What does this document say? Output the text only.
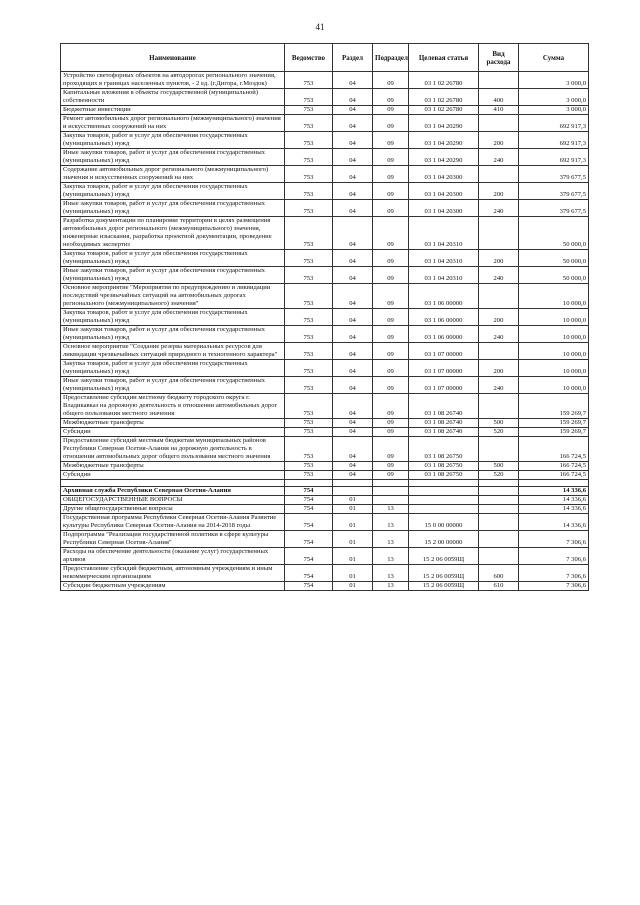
41
Наименование	Ведомство	Раздел	Подраздел	Целевая статья	Вид расхода	Сумма
Устройство светофорных объектов на автодорогах регионального значения, проходящих в границах населенных пунктов, - 2 ед. (г.Дигора, г.Моздок)	753	04	09	03 1 02 26780		3 000,0
Капитальные вложения в объекты государственной (муниципальной) собственности	753	04	09	03 1 02 26780	400	3 000,0
Бюджетные инвестиции	753	04	09	03 1 02 26780	410	3 000,0
Ремонт автомобильных дорог регионального (межмуниципального) значения и искусственных сооружений на них	753	04	09	03 1 04 20290		692 917,3
Закупка товаров, работ и услуг для обеспечения государственных (муниципальных) нужд	753	04	09	03 1 04 20290	200	692 917,3
Иные закупки товаров, работ и услуг для обеспечения государственных (муниципальных) нужд	753	04	09	03 1 04 20290	240	692 917,3
Содержание автомобильных дорог регионального (межмуниципального) значения и искусственных сооружений на них	753	04	09	03 1 04 20300		379 677,5
Закупка товаров, работ и услуг для обеспечения государственных (муниципальных) нужд	753	04	09	03 1 04 20300	200	379 677,5
Иные закупки товаров, работ и услуг для обеспечения государственных (муниципальных) нужд	753	04	09	03 1 04 20300	240	379 677,5
Разработка документации по планировке территории в целях размещения автомобильных дорог регионального (межмуниципального) значения, инженерные изыскания, разработка проектной документации, проведение необходимых экспертиз	753	04	09	03 1 04 20310		50 000,0
Закупка товаров, работ и услуг для обеспечения государственных (муниципальных) нужд	753	04	09	03 1 04 20310	200	50 000,0
Иные закупки товаров, работ и услуг для обеспечения государственных (муниципальных) нужд	753	04	09	03 1 04 20310	240	50 000,0
Основное мероприятие "Мероприятия по предупреждению и ликвидации последствий чрезвычайных ситуаций на автомобильных дорогах регионального (межмуниципального) значения"	753	04	09	03 1 06 00000		10 000,0
Закупка товаров, работ и услуг для обеспечения государственных (муниципальных) нужд	753	04	09	03 1 06 00000	200	10 000,0
Иные закупки товаров, работ и услуг для обеспечения государственных (муниципальных) нужд	753	04	09	03 1 06 00000	240	10 000,0
Основное мероприятие "Создание резерва материальных ресурсов для ликвидации чрезвычайных ситуаций природного и техногенного характера"	753	04	09	03 1 07 00000		10 000,0
Закупка товаров, работ и услуг для обеспечения государственных (муниципальных) нужд	753	04	09	03 1 07 00000	200	10 000,0
Иные закупки товаров, работ и услуг для обеспечения государственных (муниципальных) нужд	753	04	09	03 1 07 00000	240	10 000,0
Предоставление субсидии местному бюджету городского округа г. Владикавказ на дорожную деятельность в отношении автомобильных дорог общего пользования местного значения	753	04	09	03 1 08 26740		159 269,7
Межбюджетные трансферты	753	04	09	03 1 08 26740	500	159 269,7
Субсидии	753	04	09	03 1 08 26740	520	159 269,7
Предоставление субсидий местным бюджетам муниципальных районов Республики Северная Осетия-Алания на дорожную деятельность в отношении автомобильных дорог общего пользования местного значения	753	04	09	03 1 08 26750		166 724,5
Межбюджетные трансферты	753	04	09	03 1 08 26750	500	166 724,5
Субсидии	753	04	09	03 1 08 26750	520	166 724,5

Архивная служба Республики Северная Осетия-Алания	754					14 336,6
ОБЩЕГОСУДАРСТВЕННЫЕ ВОПРОСЫ	754	01				14 336,6
Другие общегосударственные вопросы	754	01	13			14 336,6
Государственная программа Республики Северная Осетия-Алания Развитие культуры Республики Северная Осетия-Алания на 2014-2018 годы	754	01	13	15 0 00 00000		14 336,6
Подпрограмма "Реализация государственной политики в сфере культуры Республики Северная Осетия-Алания"	754	01	13	15 2 00 00000		7 306,6
Расходы на обеспечение деятельности (оказание услуг) государственных архивов	754	01	13	15 2 06 0059Щ		7 306,6
Предоставление субсидий бюджетным, автономным учреждениям и иным некоммерческим организациям	754	01	13	15 2 06 0059Щ	600	7 306,6
Субсидии бюджетным учреждениям	754	01	13	15 2 06 0059Щ	610	7 306,6
